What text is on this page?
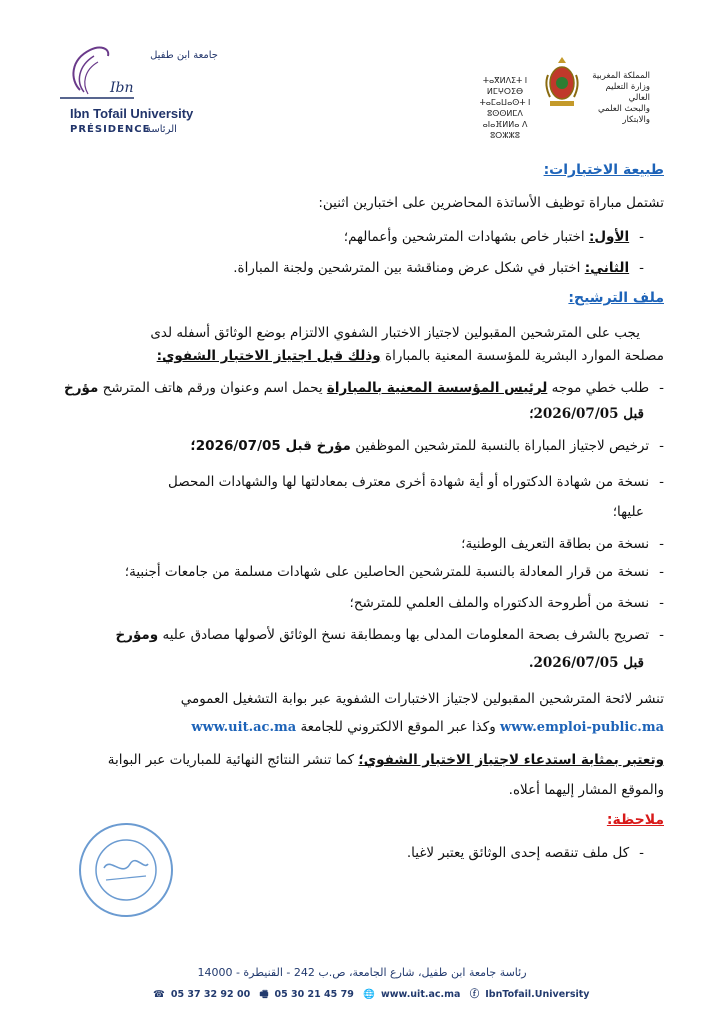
Ibn
جامعة ابن طفيل
Ibn Tofail University
PRÉSIDENCE
الرئاسة
ⵜⴰⴳⵍⴷⵉⵜ ⵏ ⵍⵎⵖⵔⵉⴱ
ⵜⴰⵎⴰⵡⴰⵙⵜ ⵏ ⵓⵙⵙⵍⵎⴷ
ⴰⵏⴰⴼⵍⵍⴰ ⴷ ⵓⵔⵣⵣⵓ
المملكة المغربية
وزارة التعليم العالي
والبحث العلمي والابتكار
طبيعة الاختبارات:
تشتمل مباراة توظيف الأساتذة المحاضرين على اختبارين اثنين:
-الأول: اختبار خاص بشهادات المترشحين وأعمالهم؛
-الثاني: اختبار في شكل عرض ومناقشة بين المترشحين ولجنة المباراة.
ملف الترشيح:
يجب على المترشحين المقبولين لاجتياز الاختبار الشفوي الالتزام بوضع الوثائق أسفله لدى
مصلحة الموارد البشرية للمؤسسة المعنية بالمباراة وذلك قبل اجتياز الاختبار الشفوي:
-طلب خطي موجه لرئيس المؤسسة المعنية بالمباراة يحمل اسم وعنوان ورقم هاتف المترشح مؤرخ
قبل 2026/07/05؛
-ترخيص لاجتياز المباراة بالنسبة للمترشحين الموظفين مؤرخ قبل 2026/07/05؛
-نسخة من شهادة الدكتوراه أو أية شهادة أخرى معترف بمعادلتها لها والشهادات المحصل
عليها؛
-نسخة من بطاقة التعريف الوطنية؛
-نسخة من قرار المعادلة بالنسبة للمترشحين الحاصلين على شهادات مسلمة من جامعات أجنبية؛
-نسخة من أطروحة الدكتوراه والملف العلمي للمترشح؛
-تصريح بالشرف بصحة المعلومات المدلى بها وبمطابقة نسخ الوثائق لأصولها مصادق عليه ومؤرخ
قبل 2026/07/05.
تنشر لائحة المترشحين المقبولين لاجتياز الاختبارات الشفوية عبر بوابة التشغيل العمومي
www.emploi-public.ma وكذا عبر الموقع الالكتروني للجامعة www.uit.ac.ma
وتعتبر بمثابة استدعاء لاجتياز الاختبار الشفوي؛ كما تنشر النتائج النهائية للمباريات عبر البوابة
والموقع المشار إليهما أعلاه.
ملاحظة:
-كل ملف تنقصه إحدى الوثائق يعتبر لاغيا.
رئاسة جامعة ابن طفيل، شارع الجامعة، ص.ب 242 - القنيطرة - 14000
☎ 05 37 32 92 00 🖷 05 30 21 45 79 🌐 www.uit.ac.ma ⓕ IbnTofail.University
